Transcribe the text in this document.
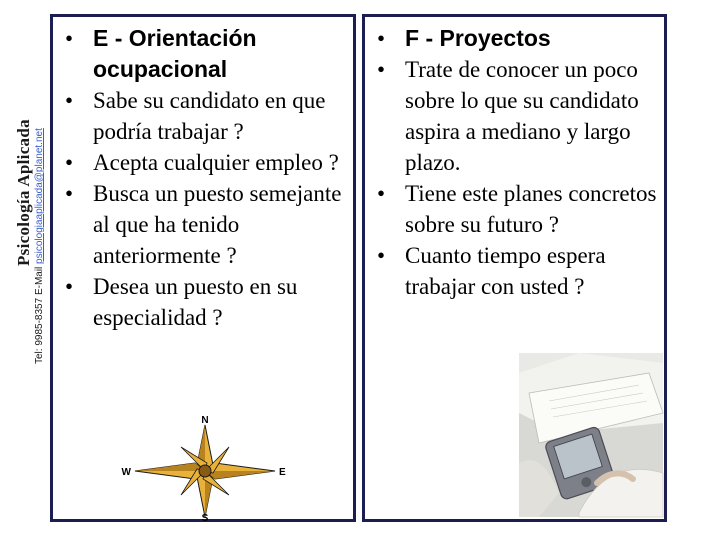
Psicología Aplicada
Tel: 9985-8357 E-Mail psicologiaaplicada@planet.net
• E - Orientación ocupacional
• Sabe su candidato en que podría trabajar ?
• Acepta cualquier empleo ?
• Busca un puesto semejante al que ha tenido anteriormente ?
• Desea un puesto en su especialidad ?
N
E
S
W
• F - Proyectos
• Trate de conocer un poco sobre lo que su candidato aspira a mediano y largo plazo.
• Tiene este planes concretos sobre su futuro ?
• Cuanto tiempo espera trabajar con usted ?
